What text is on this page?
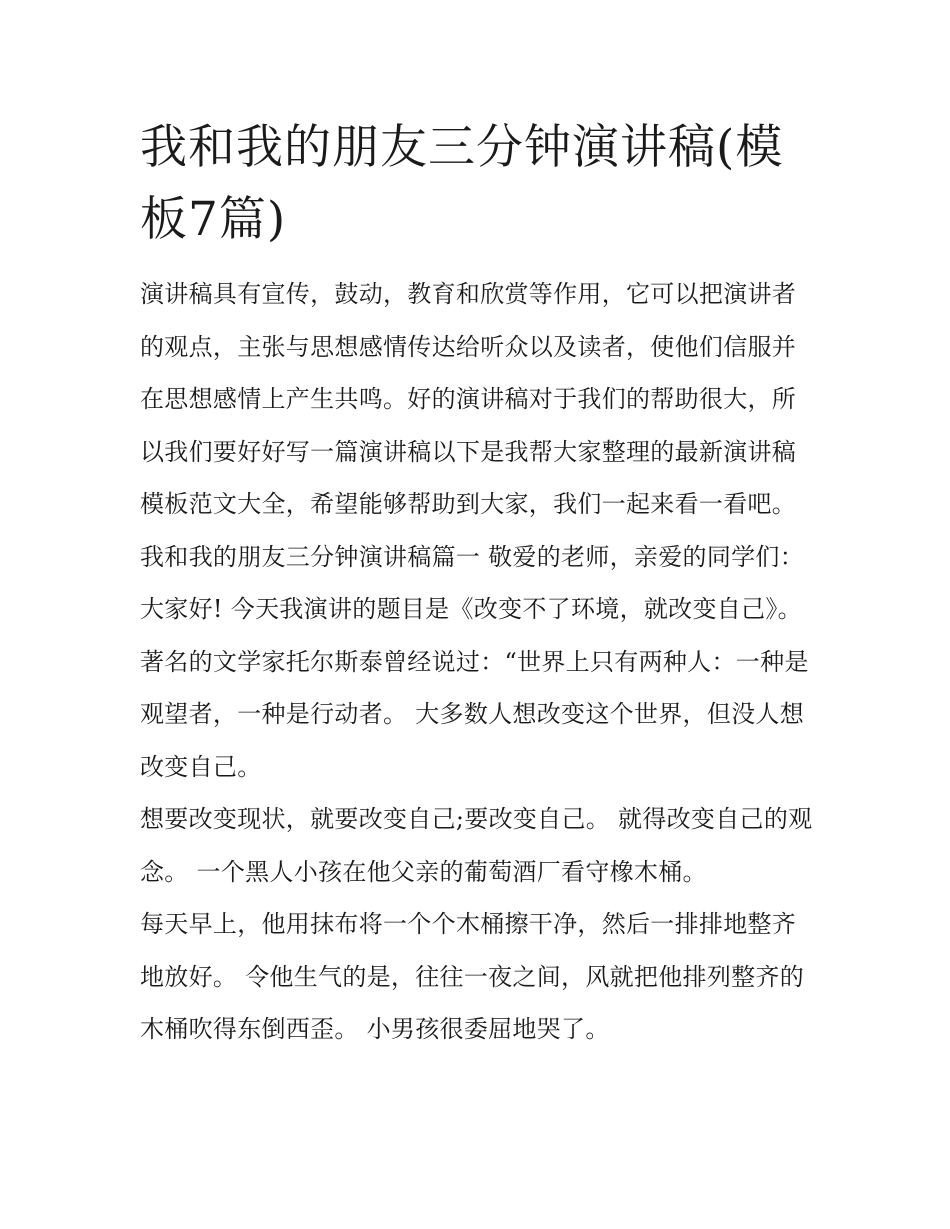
我和我的朋友三分钟演讲稿(模板7篇)

演讲稿具有宣传，鼓动，教育和欣赏等作用，它可以把演讲者的观点，主张与思想感情传达给听众以及读者，使他们信服并在思想感情上产生共鸣。好的演讲稿对于我们的帮助很大，所以我们要好好写一篇演讲稿以下是我帮大家整理的最新演讲稿模板范文大全，希望能够帮助到大家，我们一起来看一看吧。

我和我的朋友三分钟演讲稿篇一 敬爱的老师，亲爱的同学们： 大家好! 今天我演讲的题目是《改变不了环境，就改变自己》。

著名的文学家托尔斯泰曾经说过：“世界上只有两种人：一种是观望者，一种是行动者。 大多数人想改变这个世界，但没人想改变自己。

想要改变现状，就要改变自己;要改变自己。 就得改变自己的观念。 一个黑人小孩在他父亲的葡萄酒厂看守橡木桶。

每天早上，他用抹布将一个个木桶擦干净，然后一排排地整齐地放好。 令他生气的是，往往一夜之间，风就把他排列整齐的木桶吹得东倒西歪。 小男孩很委屈地哭了。
